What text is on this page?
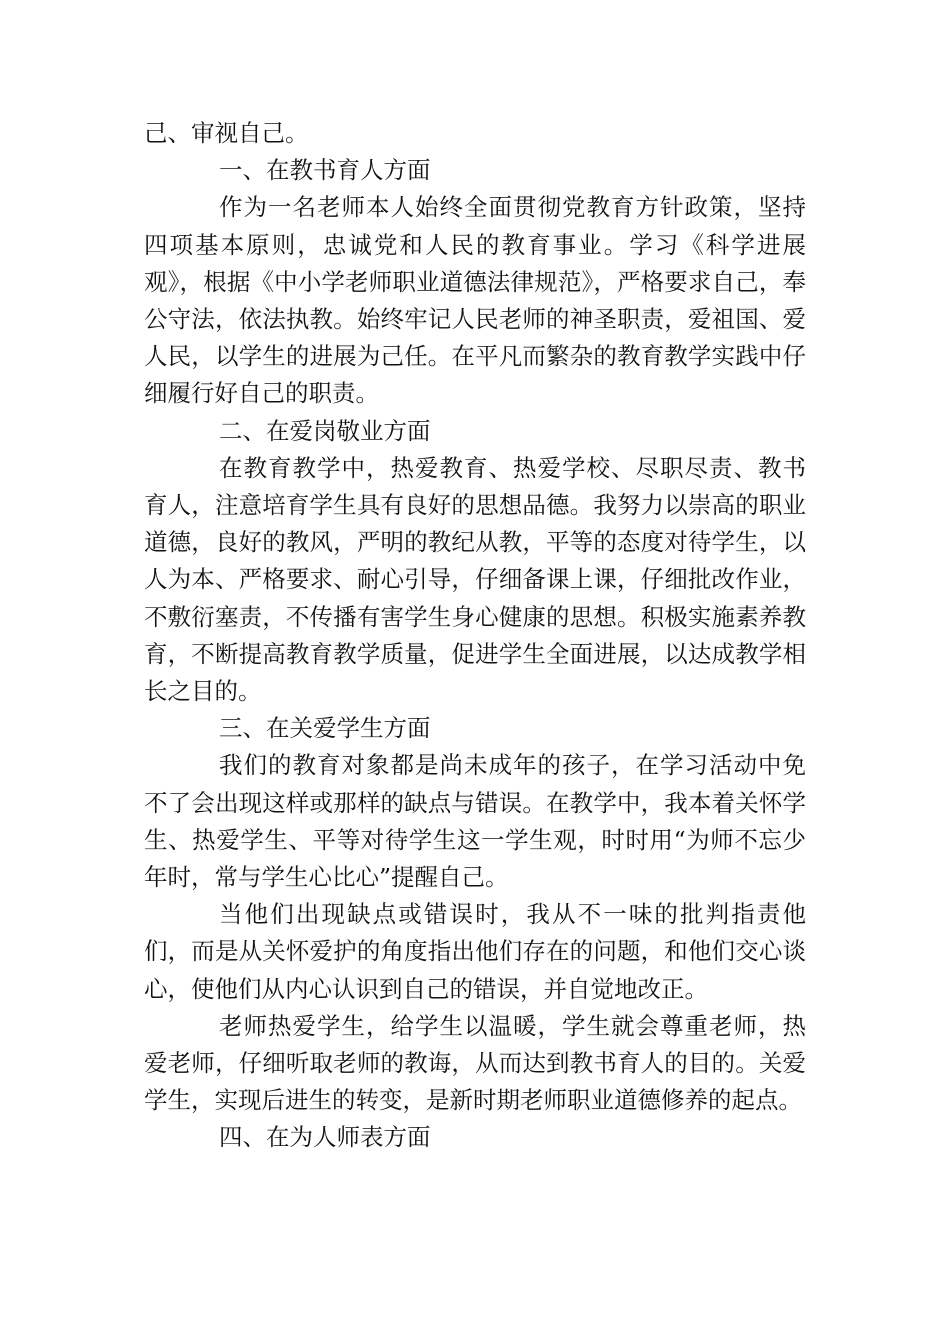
己、审视自己。

一、在教书育人方面

作为一名老师本人始终全面贯彻党教育方针政策，坚持四项基本原则，忠诚党和人民的教育事业。学习《科学进展观》，根据《中小学老师职业道德法律规范》，严格要求自己，奉公守法，依法执教。始终牢记人民老师的神圣职责，爱祖国、爱人民，以学生的进展为己任。在平凡而繁杂的教育教学实践中仔细履行好自己的职责。

二、在爱岗敬业方面

在教育教学中，热爱教育、热爱学校、尽职尽责、教书育人，注意培育学生具有良好的思想品德。我努力以崇高的职业道德，良好的教风，严明的教纪从教，平等的态度对待学生，以人为本、严格要求、耐心引导，仔细备课上课，仔细批改作业，不敷衍塞责，不传播有害学生身心健康的思想。积极实施素养教育，不断提高教育教学质量，促进学生全面进展，以达成教学相长之目的。

三、在关爱学生方面

我们的教育对象都是尚未成年的孩子，在学习活动中免不了会出现这样或那样的缺点与错误。在教学中，我本着关怀学生、热爱学生、平等对待学生这一学生观，时时用“为师不忘少年时，常与学生心比心”提醒自己。

当他们出现缺点或错误时，我从不一味的批判指责他们，而是从关怀爱护的角度指出他们存在的问题，和他们交心谈心，使他们从内心认识到自己的错误，并自觉地改正。

老师热爱学生，给学生以温暖，学生就会尊重老师，热爱老师，仔细听取老师的教诲，从而达到教书育人的目的。关爱学生，实现后进生的转变，是新时期老师职业道德修养的起点。

四、在为人师表方面
